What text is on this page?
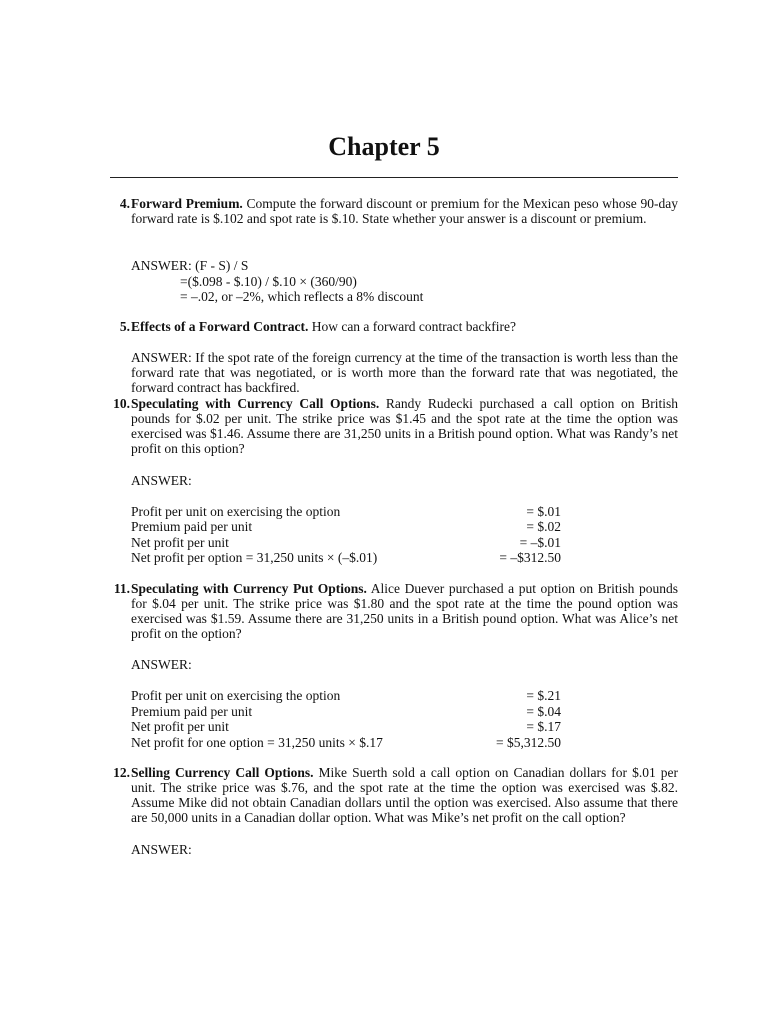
Chapter 5
4. Forward Premium. Compute the forward discount or premium for the Mexican peso whose 90-day forward rate is $.102 and spot rate is $.10. State whether your answer is a discount or premium.
ANSWER: (F - S) / S
=($.098 - $.10) / $.10 × (360/90)
= –.02, or –2%, which reflects a 8% discount
5. Effects of a Forward Contract. How can a forward contract backfire?
ANSWER: If the spot rate of the foreign currency at the time of the transaction is worth less than the forward rate that was negotiated, or is worth more than the forward rate that was negotiated, the forward contract has backfired.
10. Speculating with Currency Call Options. Randy Rudecki purchased a call option on British pounds for $.02 per unit. The strike price was $1.45 and the spot rate at the time the option was exercised was $1.46. Assume there are 31,250 units in a British pound option. What was Randy’s net profit on this option?
ANSWER:
Profit per unit on exercising the option	= $.01
Premium paid per unit	= $.02
Net profit per unit	= –$.01
Net profit per option = 31,250 units × (–$.01)	= –$312.50
11. Speculating with Currency Put Options. Alice Duever purchased a put option on British pounds for $.04 per unit. The strike price was $1.80 and the spot rate at the time the pound option was exercised was $1.59. Assume there are 31,250 units in a British pound option. What was Alice’s net profit on the option?
ANSWER:
Profit per unit on exercising the option	= $.21
Premium paid per unit	= $.04
Net profit per unit	= $.17
Net profit for one option = 31,250 units × $.17	= $5,312.50
12. Selling Currency Call Options. Mike Suerth sold a call option on Canadian dollars for $.01 per unit. The strike price was $.76, and the spot rate at the time the option was exercised was $.82. Assume Mike did not obtain Canadian dollars until the option was exercised. Also assume that there are 50,000 units in a Canadian dollar option. What was Mike’s net profit on the call option?
ANSWER:
